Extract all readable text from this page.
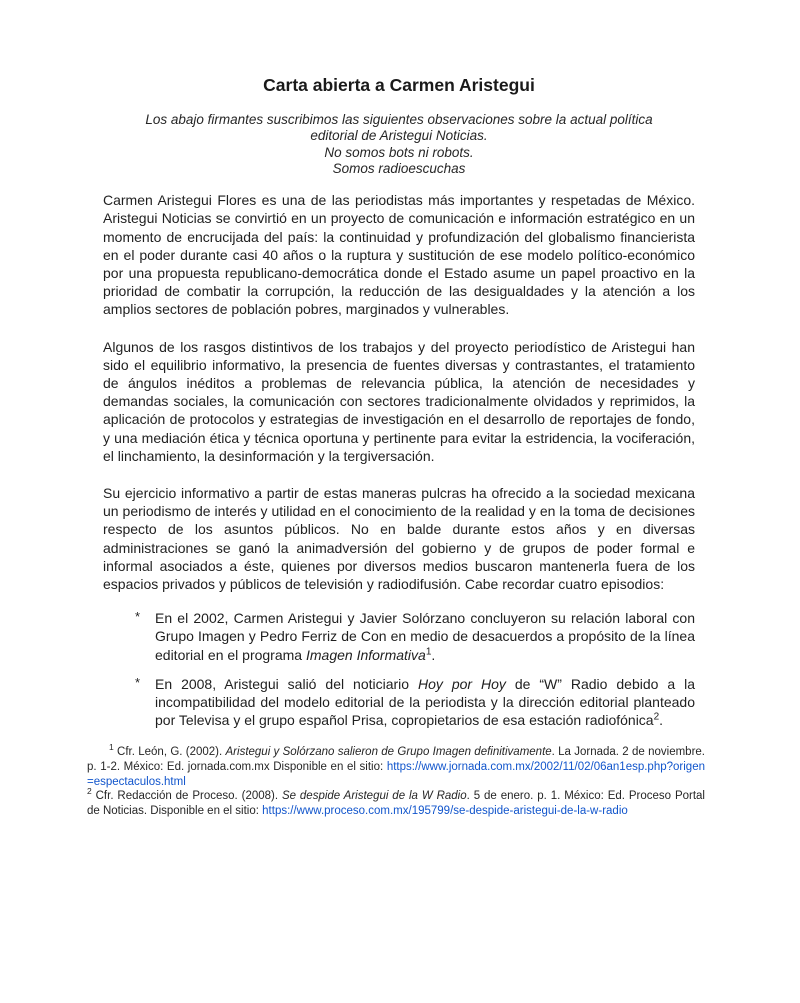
Carta abierta a Carmen Aristegui

Los abajo firmantes suscribimos las siguientes observaciones sobre la actual política editorial de Aristegui Noticias.

No somos bots ni robots.

Somos radioescuchas

Carmen Aristegui Flores es una de las periodistas más importantes y respetadas de México. Aristegui Noticias se convirtió en un proyecto de comunicación e información estratégico en un momento de encrucijada del país: la continuidad y profundización del globalismo financierista en el poder durante casi 40 años o la ruptura y sustitución de ese modelo político-económico por una propuesta republicano-democrática donde el Estado asume un papel proactivo en la prioridad de combatir la corrupción, la reducción de las desigualdades y la atención a los amplios sectores de población pobres, marginados y vulnerables.

Algunos de los rasgos distintivos de los trabajos y del proyecto periodístico de Aristegui han sido el equilibrio informativo, la presencia de fuentes diversas y contrastantes, el tratamiento de ángulos inéditos a problemas de relevancia pública, la atención de necesidades y demandas sociales, la comunicación con sectores tradicionalmente olvidados y reprimidos, la aplicación de protocolos y estrategias de investigación en el desarrollo de reportajes de fondo, y una mediación ética y técnica oportuna y pertinente para evitar la estridencia, la vociferación, el linchamiento, la desinformación y la tergiversación.

Su ejercicio informativo a partir de estas maneras pulcras ha ofrecido a la sociedad mexicana un periodismo de interés y utilidad en el conocimiento de la realidad y en la toma de decisiones respecto de los asuntos públicos. No en balde durante estos años y en diversas administraciones se ganó la animadversión del gobierno y de grupos de poder formal e informal asociados a éste, quienes por diversos medios buscaron mantenerla fuera de los espacios privados y públicos de televisión y radiodifusión. Cabe recordar cuatro episodios:

*	En el 2002, Carmen Aristegui y Javier Solórzano concluyeron su relación laboral con Grupo Imagen y Pedro Ferriz de Con en medio de desacuerdos a propósito de la línea editorial en el programa Imagen Informativa$^1$.
*	En 2008, Aristegui salió del noticiario Hoy por Hoy de “W” Radio debido a la incompatibilidad del modelo editorial de la periodista y la dirección editorial planteado por Televisa y el grupo español Prisa, copropietarios de esa estación radiofónica$^2$.

$^1$ Cfr. León, G. (2002). Aristegui y Solórzano salieron de Grupo Imagen definitivamente. La Jornada. 2 de noviembre. p. 1-2. México: Ed. jornada.com.mx Disponible en el sitio: https://www.jornada.com.mx/2002/11/02/06an1esp.php?origen=espectaculos.html

$^2$ Cfr. Redacción de Proceso. (2008). Se despide Aristegui de la W Radio. 5 de enero. p. 1. México: Ed. Proceso Portal de Noticias. Disponible en el sitio: https://www.proceso.com.mx/195799/se-despide-aristegui-de-la-w-radio
